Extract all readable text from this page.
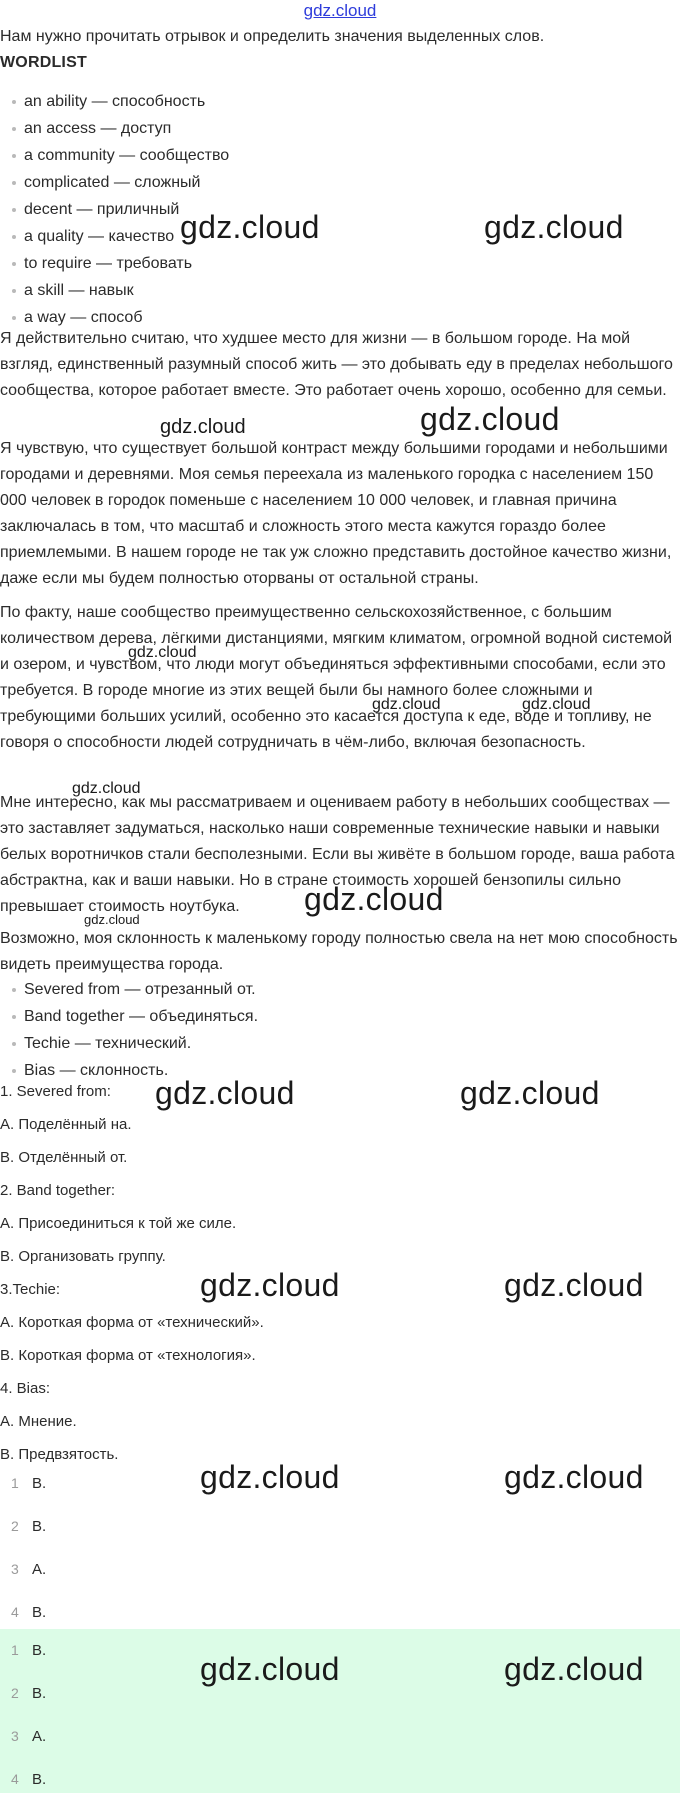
gdz.cloud

Нам нужно прочитать отрывок и определить значения выделенных слов.

WORDLIST

an ability — способность
an access — доступ
a community — сообщество
complicated — сложный
decent — приличный
a quality — качество
to require — требовать
a skill — навык
a way — способ

Я действительно считаю, что худшее место для жизни — в большом городе. На мой взгляд, единственный разумный способ жить — это добывать еду в пределах небольшого сообщества, которое работает вместе. Это работает очень хорошо, особенно для семьи.

Я чувствую, что существует большой контраст между большими городами и небольшими городами и деревнями. Моя семья переехала из маленького городка с населением 150 000 человек в городок поменьше с населением 10 000 человек, и главная причина заключалась в том, что масштаб и сложность этого места кажутся гораздо более приемлемыми. В нашем городе не так уж сложно представить достойное качество жизни, даже если мы будем полностью оторваны от остальной страны.

По факту, наше сообщество преимущественно сельскохозяйственное, с большим количеством дерева, лёгкими дистанциями, мягким климатом, огромной водной системой и озером, и чувством, что люди могут объединяться эффективными способами, если это требуется. В городе многие из этих вещей были бы намного более сложными и требующими больших усилий, особенно это касается доступа к еде, воде и топливу, не говоря о способности людей сотрудничать в чём-либо, включая безопасность.

Мне интересно, как мы рассматриваем и оцениваем работу в небольших сообществах — это заставляет задуматься, насколько наши современные технические навыки и навыки белых воротничков стали бесполезными. Если вы живёте в большом городе, ваша работа абстрактна, как и ваши навыки. Но в стране стоимость хорошей бензопилы сильно превышает стоимость ноутбука.

Возможно, моя склонность к маленькому городу полностью свела на нет мою способность видеть преимущества города.

Severed from — отрезанный от.
Band together — объединяться.
Techie — технический.
Bias — склонность.

1. Severed from:

A. Поделённый на.

B. Отделённый от.

2. Band together:

A. Присоединиться к той же силе.

B. Организовать группу.

3.Techie:

A. Короткая форма от «технический».

B. Короткая форма от «технология».

4. Bias:

A. Мнение.

B. Предвзятость.

1 B.
2 B.
3 A.
4 B.
1 B.
2 B.
3 A.
4 B.
gdz.cloud	gdz.cloud
gdz.cloud	gdz.cloud
gdz.cloud
gdz.cloud	gdz.cloud
gdz.cloud
gdz.cloud
gdz.cloud
gdz.cloud	gdz.cloud
gdz.cloud	gdz.cloud
gdz.cloud	gdz.cloud
gdz.cloud	gdz.cloud
